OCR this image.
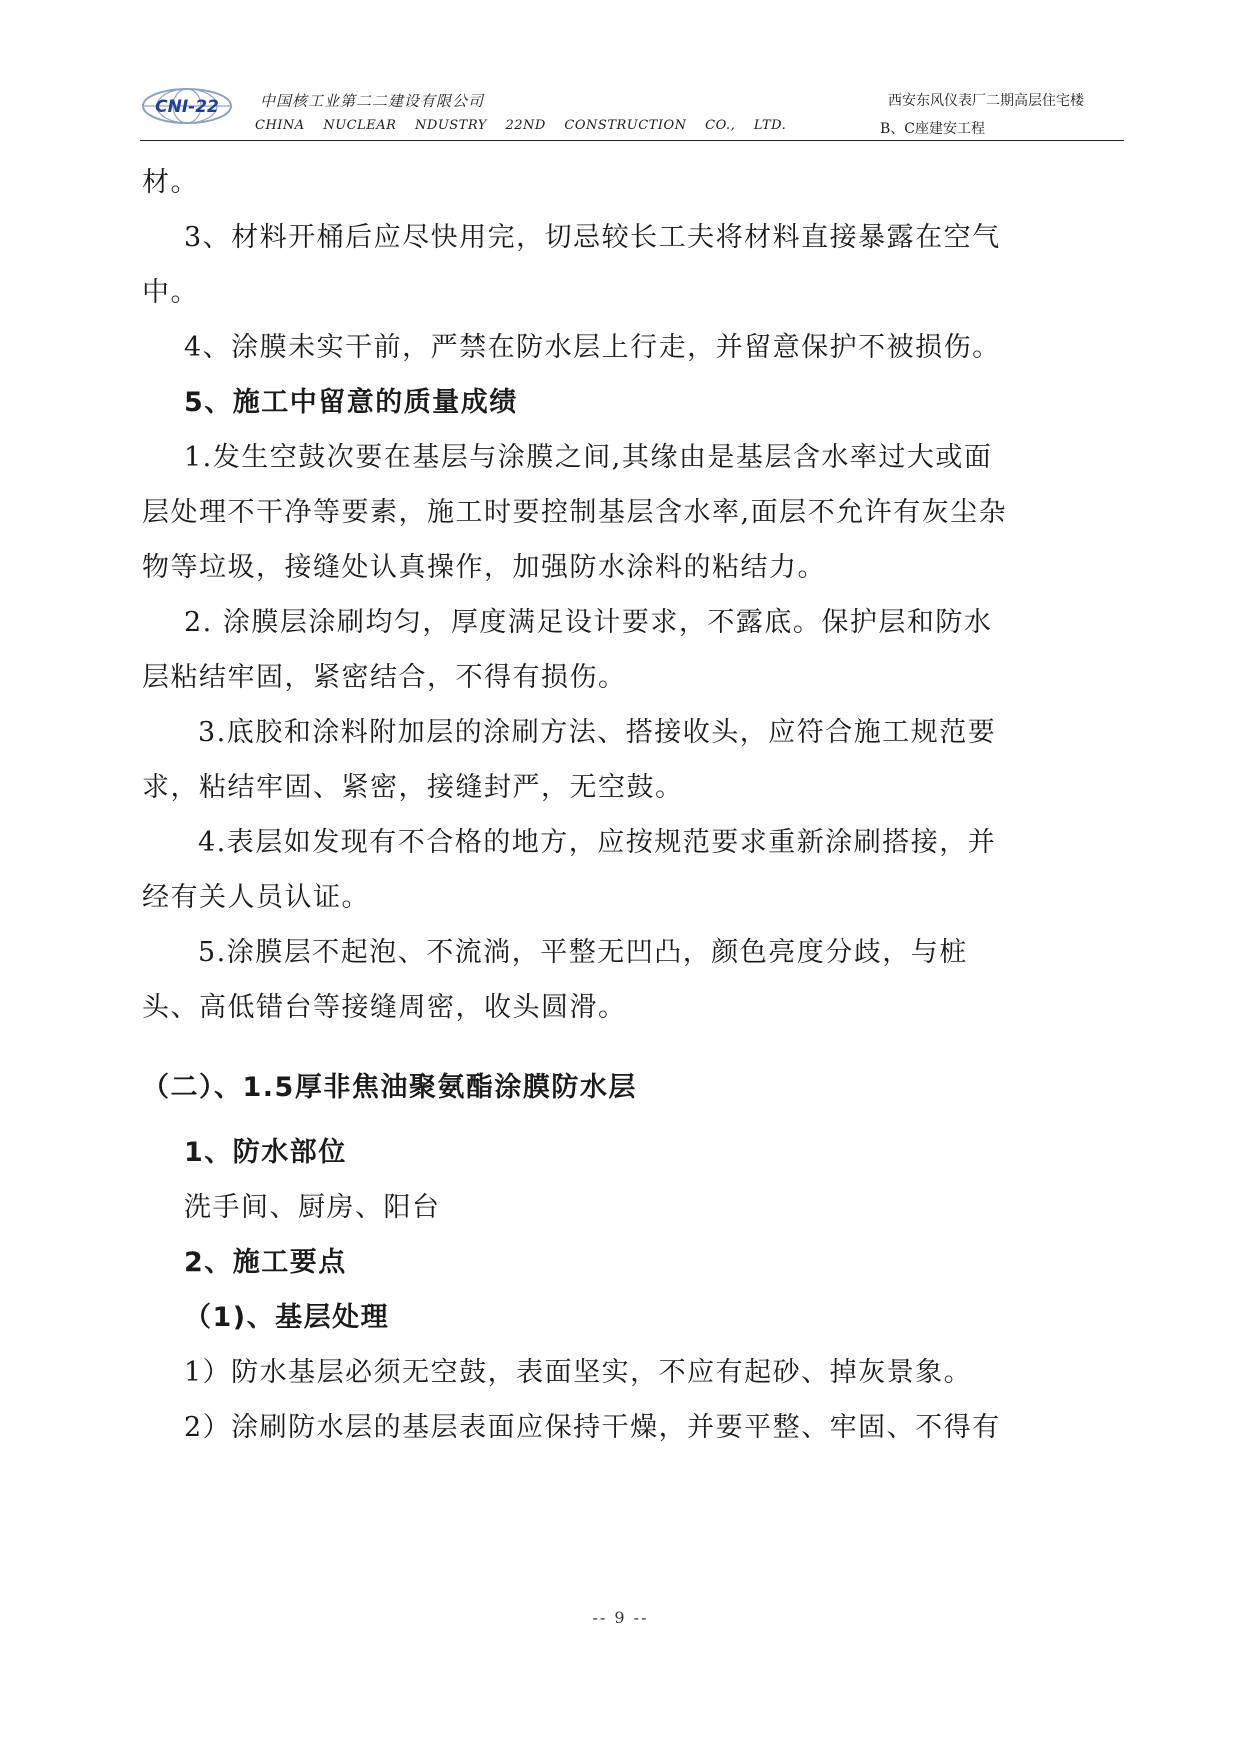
CNI-22	中国核工业第二二建设有限公司
CHINA NUCLEAR NDUSTRY 22ND CONSTRUCTION CO., LTD.
西安东风仪表厂二期高层住宅楼
B、C座建安工程
材。
3、材料开桶后应尽快用完，切忌较长工夫将材料直接暴露在空气
中。
4、涂膜未实干前，严禁在防水层上行走，并留意保护不被损伤。
5、施工中留意的质量成绩
1.发生空鼓次要在基层与涂膜之间,其缘由是基层含水率过大或面
层处理不干净等要素，施工时要控制基层含水率,面层不允许有灰尘杂
物等垃圾，接缝处认真操作，加强防水涂料的粘结力。
2. 涂膜层涂刷均匀，厚度满足设计要求，不露底。保护层和防水
层粘结牢固，紧密结合，不得有损伤。
3.底胶和涂料附加层的涂刷方法、搭接收头，应符合施工规范要
求，粘结牢固、紧密，接缝封严，无空鼓。
4.表层如发现有不合格的地方，应按规范要求重新涂刷搭接，并
经有关人员认证。
5.涂膜层不起泡、不流淌，平整无凹凸，颜色亮度分歧，与桩
头、高低错台等接缝周密，收头圆滑。
（二）、1.5厚非焦油聚氨酯涂膜防水层
1、防水部位
洗手间、厨房、阳台
2、施工要点
（1)、基层处理
1）防水基层必须无空鼓，表面坚实，不应有起砂、掉灰景象。
2）涂刷防水层的基层表面应保持干燥，并要平整、牢固、不得有
-- 9 --
